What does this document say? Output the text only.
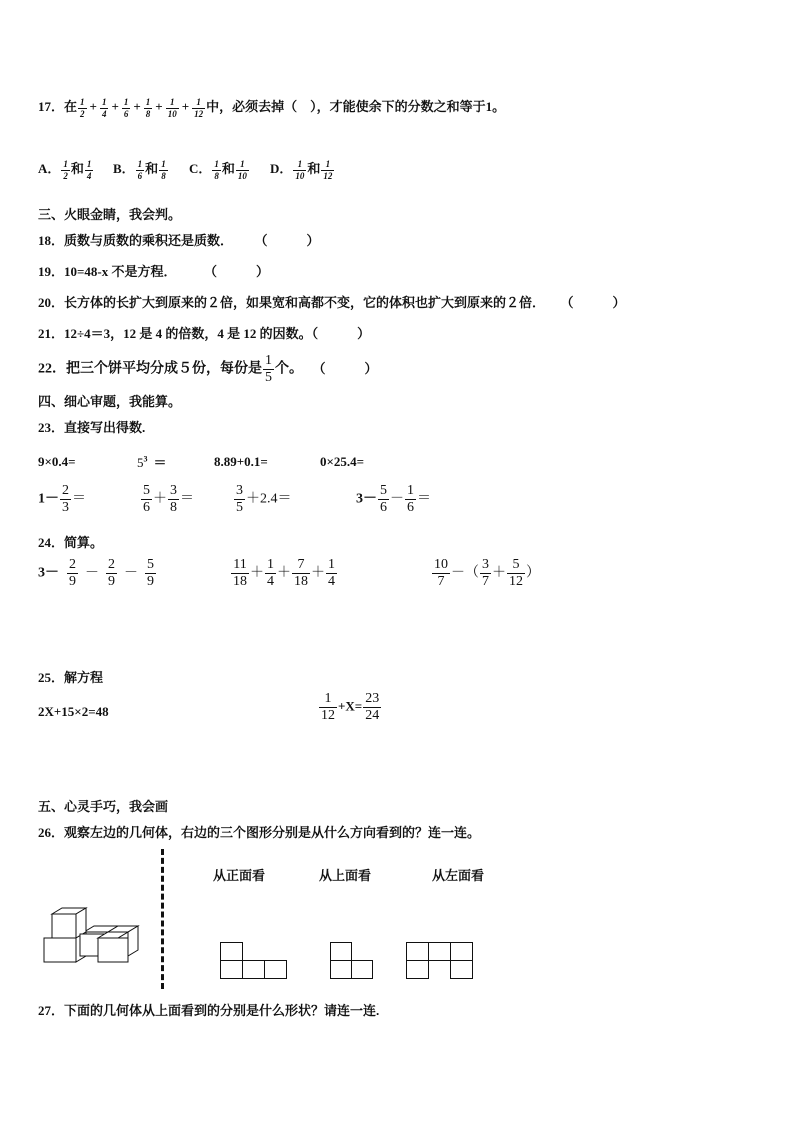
17．在 $\frac{1}{2} + \frac{1}{4} + \frac{1}{6} + \frac{1}{8} + \frac{1}{10} + \frac{1}{12}$ 中，必须去掉（　），才能使余下的分数之和等于1。
A． $\frac{1}{2}$ 和 $\frac{1}{4}$ B． $\frac{1}{6}$ 和 $\frac{1}{8}$ C． $\frac{1}{8}$ 和 $\frac{1}{10}$ D． $\frac{1}{10}$ 和 $\frac{1}{12}$
三、火眼金睛，我会判。
18．质数与质数的乘积还是质数． （　　　）
19．10=48-x 不是方程．	（　　　）
20．长方体的长扩大到原来的２倍，如果宽和高都不变，它的体积也扩大到原来的２倍． （　　　）
21．12÷4＝3，12 是 4 的倍数，4 是 12 的因数。（　　　）
22．把三个饼平均分成５份，每份是 $\frac{1}{5}$ 个。 （　　　）
四、细心审题，我能算。
23．直接写出得数.
9×0.4=	$5^3$ ＝	8.89+0.1=	0×25.4=
$1- \frac{2}{3}$ ＝	$\frac{5}{6} + \frac{3}{8}$ ＝	$\frac{3}{5} +2.4=$	$3- \frac{5}{6} - \frac{1}{6}$ ＝
24．简算。
$3- \frac{2}{9} - \frac{2}{9} - \frac{5}{9}$	$\frac{11}{18} + \frac{1}{4} + \frac{7}{18} + \frac{1}{4}$	$\frac{10}{7}$ －（ $\frac{3}{7} + \frac{5}{12}$ ）
25．解方程
2X+15×2=48	$\frac{1}{12} +X= \frac{23}{24}$
五、心灵手巧，我会画
26．观察左边的几何体，右边的三个图形分别是从什么方向看到的？连一连。
从正面看	从上面看	从左面看
27．下面的几何体从上面看到的分别是什么形状？请连一连.
